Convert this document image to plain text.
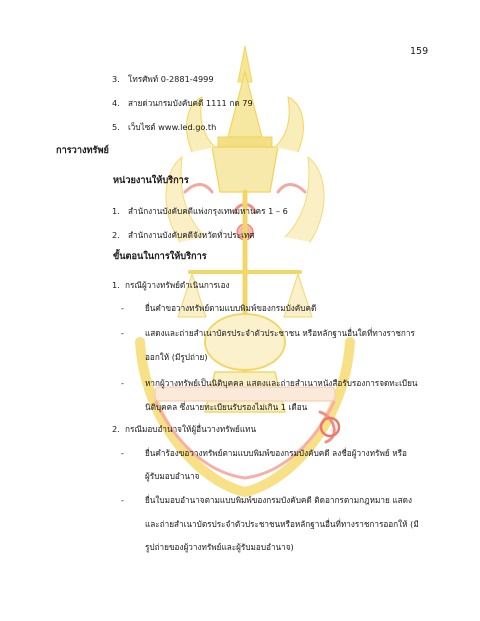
159
3. โทรศัพท์ 0-2881-4999
4. สายด่วนกรมบังคับคดี 1111 กด 79
5. เว็บไซต์ www.led.go.th
การวางทรัพย์
หน่วยงานให้บริการ
1. สำนักงานบังคับคดีแพ่งกรุงเทพมหานคร 1 – 6
2. สำนักงานบังคับคดีจังหวัดทั่วประเทศ
ขั้นตอนในการให้บริการ
1. กรณีผู้วางทรัพย์ดำเนินการเอง
-	ยื่นคำขอวางทรัพย์ตามแบบพิมพ์ของกรมบังคับคดี
-	แสดงและถ่ายสำเนาบัตรประจำตัวประชาชน หรือหลักฐานอื่นใดที่ทางราชการ
ออกให้ (มีรูปถ่าย)
-	หากผู้วางทรัพย์เป็นนิติบุคคล แสดงและถ่ายสำเนาหนังสือรับรองการจดทะเบียน
นิติบุคคล ซึ่งนายทะเบียนรับรองไม่เกิน 1 เดือน
2. กรณีมอบอำนาจให้ผู้อื่นวางทรัพย์แทน
-	ยื่นคำร้องขอวางทรัพย์ตามแบบพิมพ์ของกรมบังคับคดี ลงชื่อผู้วางทรัพย์ หรือ
ผู้รับมอบอำนาจ
-	ยื่นใบมอบอำนาจตามแบบพิมพ์ของกรมบังคับคดี ติดอากรตามกฎหมาย แสดง
และถ่ายสำเนาบัตรประจำตัวประชาชนหรือหลักฐานอื่นที่ทางราชการออกให้ (มี
รูปถ่ายของผู้วางทรัพย์และผู้รับมอบอำนาจ)
